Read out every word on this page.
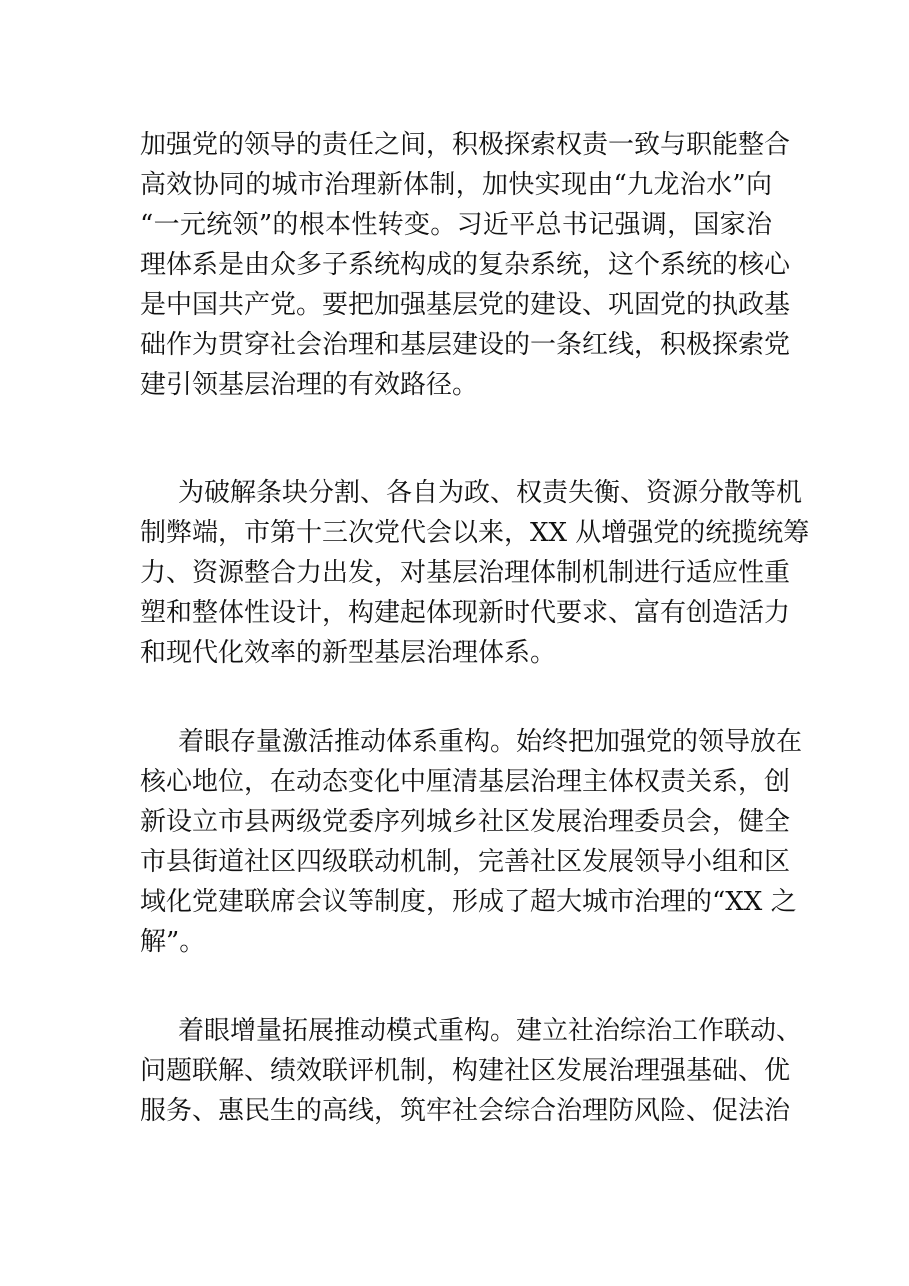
加强党的领导的责任之间，积极探索权责一致与职能整合
高效协同的城市治理新体制，加快实现由“九龙治水”向
“一元统领”的根本性转变。习近平总书记强调，国家治
理体系是由众多子系统构成的复杂系统，这个系统的核心
是中国共产党。要把加强基层党的建设、巩固党的执政基
础作为贯穿社会治理和基层建设的一条红线，积极探索党
建引领基层治理的有效路径。
为破解条块分割、各自为政、权责失衡、资源分散等机
制弊端，市第十三次党代会以来，XX 从增强党的统揽统筹
力、资源整合力出发，对基层治理体制机制进行适应性重
塑和整体性设计，构建起体现新时代要求、富有创造活力
和现代化效率的新型基层治理体系。
着眼存量激活推动体系重构。始终把加强党的领导放在
核心地位，在动态变化中厘清基层治理主体权责关系，创
新设立市县两级党委序列城乡社区发展治理委员会，健全
市县街道社区四级联动机制，完善社区发展领导小组和区
域化党建联席会议等制度，形成了超大城市治理的“XX 之
解”。
着眼增量拓展推动模式重构。建立社治综治工作联动、
问题联解、绩效联评机制，构建社区发展治理强基础、优
服务、惠民生的高线，筑牢社会综合治理防风险、促法治
